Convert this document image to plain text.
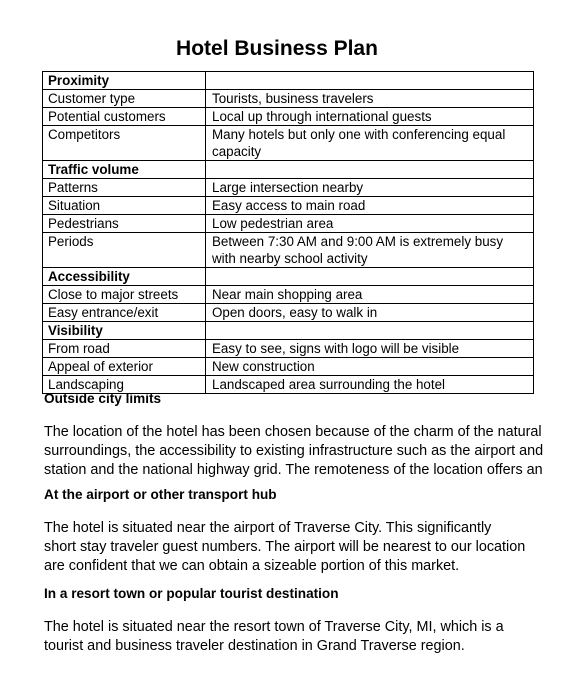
Hotel Business Plan
Proximity	
Customer type	Tourists, business travelers
Potential customers	Local up through international guests
Competitors	Many hotels but only one with conferencing equal capacity
Traffic volume	
Patterns	Large intersection nearby
Situation	Easy access to main road
Pedestrians	Low pedestrian area
Periods	Between 7:30 AM and 9:00 AM is extremely busy with nearby school activity
Accessibility	
Close to major streets	Near main shopping area
Easy entrance/exit	Open doors, easy to walk in
Visibility	
From road	Easy to see, signs with logo will be visible
Appeal of exterior	New construction
Landscaping	Landscaped area surrounding the hotel
Outside city limits
The location of the hotel has been chosen because of the charm of the natural
surroundings, the accessibility to existing infrastructure such as the airport and
station and the national highway grid. The remoteness of the location offers an
At the airport or other transport hub
The hotel is situated near the airport of Traverse City. This significantly
short stay traveler guest numbers. The airport will be nearest to our location
are confident that we can obtain a sizeable portion of this market.
In a resort town or popular tourist destination
The hotel is situated near the resort town of Traverse City, MI, which is a
tourist and business traveler destination in Grand Traverse region.
